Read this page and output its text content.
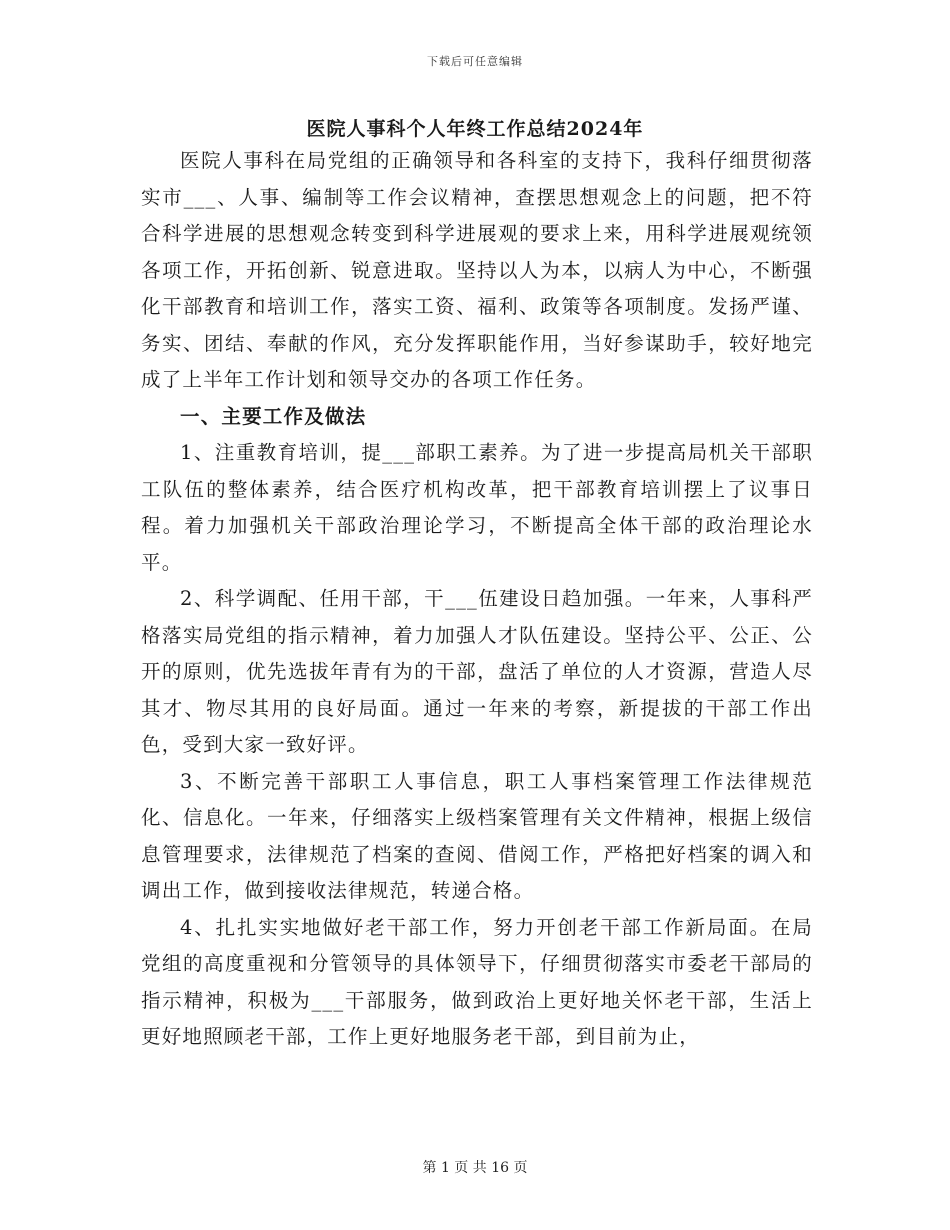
下载后可任意编辑
医院人事科个人年终工作总结2024年

医院人事科在局党组的正确领导和各科室的支持下，我科仔细贯彻落实市___、人事、编制等工作会议精神，查摆思想观念上的问题，把不符合科学进展的思想观念转变到科学进展观的要求上来，用科学进展观统领各项工作，开拓创新、锐意进取。坚持以人为本，以病人为中心，不断强化干部教育和培训工作，落实工资、福利、政策等各项制度。发扬严谨、务实、团结、奉献的作风，充分发挥职能作用，当好参谋助手，较好地完成了上半年工作计划和领导交办的各项工作任务。

一、主要工作及做法

1、注重教育培训，提___部职工素养。为了进一步提高局机关干部职工队伍的整体素养，结合医疗机构改革，把干部教育培训摆上了议事日程。着力加强机关干部政治理论学习，不断提高全体干部的政治理论水平。

2、科学调配、任用干部，干___伍建设日趋加强。一年来，人事科严格落实局党组的指示精神，着力加强人才队伍建设。坚持公平、公正、公开的原则，优先选拔年青有为的干部，盘活了单位的人才资源，营造人尽其才、物尽其用的良好局面。通过一年来的考察，新提拔的干部工作出色，受到大家一致好评。

3、不断完善干部职工人事信息，职工人事档案管理工作法律规范化、信息化。一年来，仔细落实上级档案管理有关文件精神，根据上级信息管理要求，法律规范了档案的查阅、借阅工作，严格把好档案的调入和调出工作，做到接收法律规范，转递合格。

4、扎扎实实地做好老干部工作，努力开创老干部工作新局面。在局党组的高度重视和分管领导的具体领导下，仔细贯彻落实市委老干部局的指示精神，积极为___干部服务，做到政治上更好地关怀老干部，生活上更好地照顾老干部，工作上更好地服务老干部，到目前为止，

第 1 页 共 16 页
